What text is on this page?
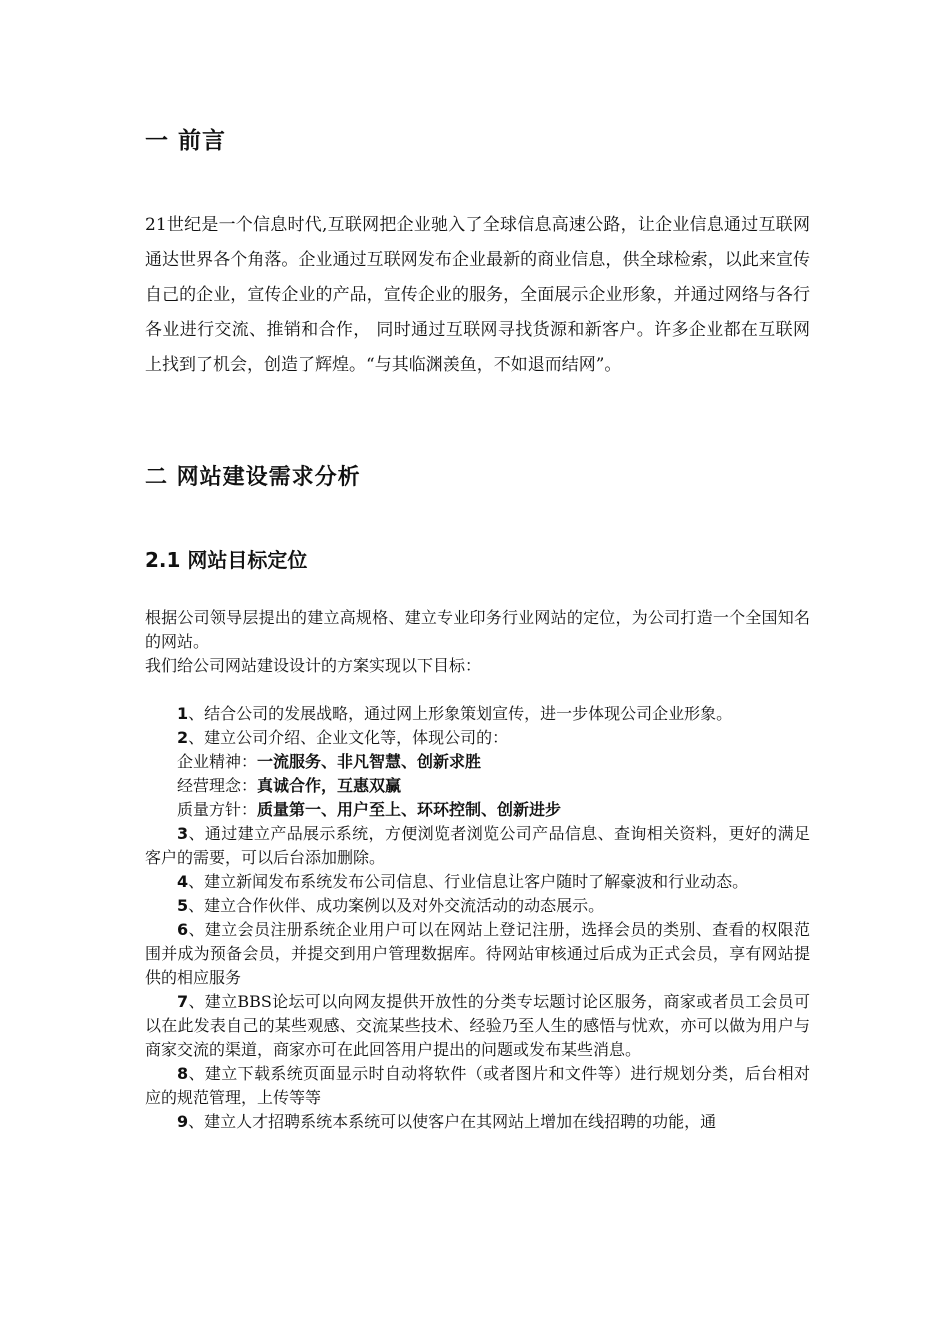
一 前言
21世纪是一个信息时代,互联网把企业驰入了全球信息高速公路，让企业信息通过互联网通达世界各个角落。企业通过互联网发布企业最新的商业信息，供全球检索，以此来宣传自己的企业，宣传企业的产品，宣传企业的服务，全面展示企业形象，并通过网络与各行各业进行交流、推销和合作， 同时通过互联网寻找货源和新客户。许多企业都在互联网上找到了机会，创造了辉煌。“与其临渊羡鱼，不如退而结网”。
二 网站建设需求分析
2.1 网站目标定位
根据公司领导层提出的建立高规格、建立专业印务行业网站的定位，为公司打造一个全国知名的网站。
我们给公司网站建设设计的方案实现以下目标：
1、结合公司的发展战略，通过网上形象策划宣传，进一步体现公司企业形象。
2、建立公司介绍、企业文化等，体现公司的：
企业精神：一流服务、非凡智慧、创新求胜
经营理念：真诚合作，互惠双赢
质量方针：质量第一、用户至上、环环控制、创新进步
3、通过建立产品展示系统，方便浏览者浏览公司产品信息、查询相关资料，更好的满足客户的需要，可以后台添加删除。
4、建立新闻发布系统发布公司信息、行业信息让客户随时了解豪波和行业动态。
5、建立合作伙伴、成功案例以及对外交流活动的动态展示。
6、建立会员注册系统企业用户可以在网站上登记注册，选择会员的类别、查看的权限范围并成为预备会员，并提交到用户管理数据库。待网站审核通过后成为正式会员，享有网站提供的相应服务
7、建立BBS论坛可以向网友提供开放性的分类专坛题讨论区服务，商家或者员工会员可以在此发表自己的某些观感、交流某些技术、经验乃至人生的感悟与忧欢，亦可以做为用户与商家交流的渠道，商家亦可在此回答用户提出的问题或发布某些消息。
8、建立下载系统页面显示时自动将软件（或者图片和文件等）进行规划分类，后台相对应的规范管理，上传等等
9、建立人才招聘系统本系统可以使客户在其网站上增加在线招聘的功能，通
